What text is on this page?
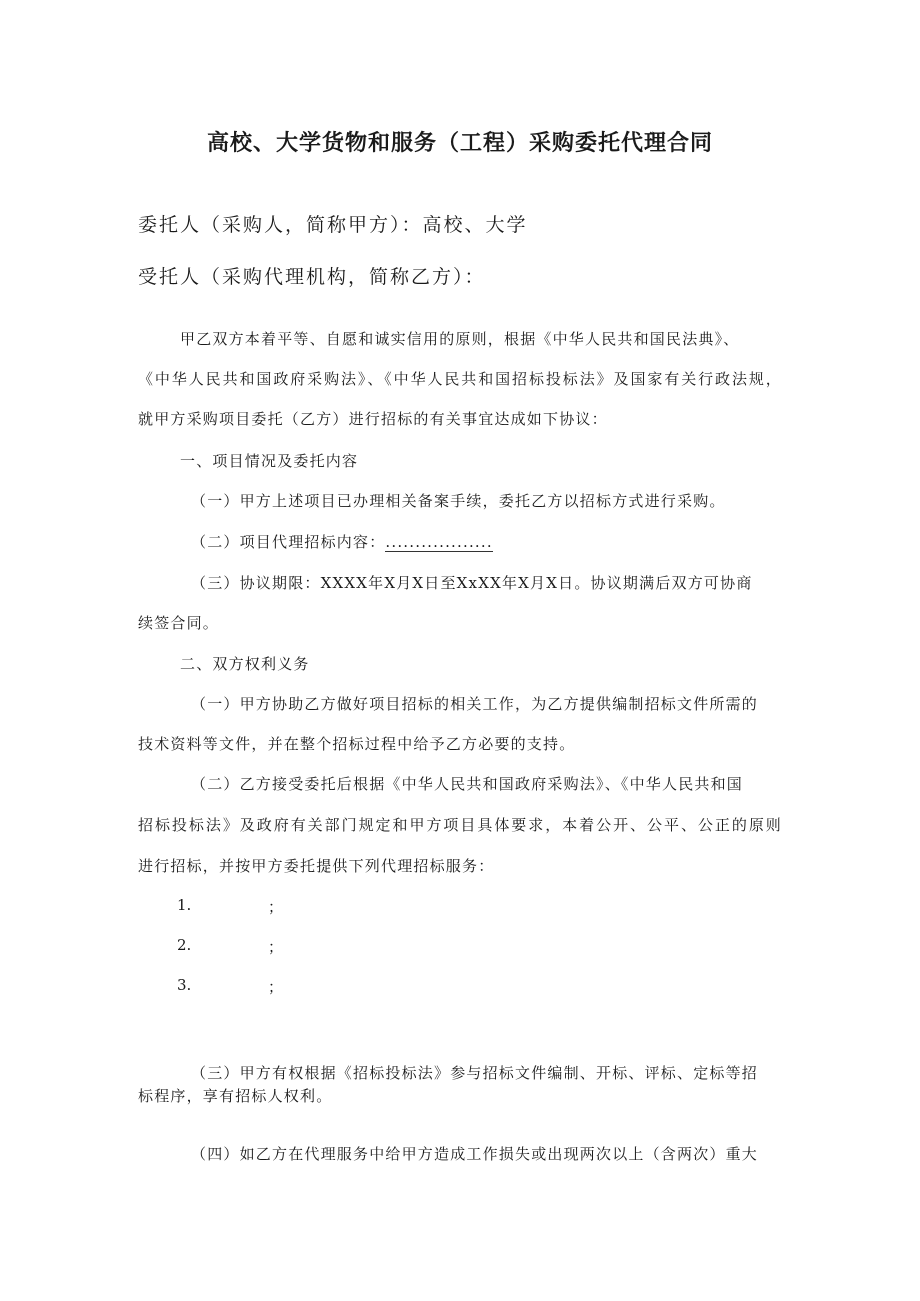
高校、大学货物和服务（工程）采购委托代理合同
委托人（采购人，简称甲方）：高校、大学
受托人（采购代理机构，简称乙方）：
甲乙双方本着平等、自愿和诚实信用的原则，根据《中华人民共和国民法典》、
《中华人民共和国政府采购法》、《中华人民共和国招标投标法》及国家有关行政法规，
就甲方采购项目委托（乙方）进行招标的有关事宜达成如下协议：
一、项目情况及委托内容
（一）甲方上述项目已办理相关备案手续，委托乙方以招标方式进行采购。
（二）项目代理招标内容：..................
（三）协议期限：XXXX年X月X日至XxXX年X月X日。协议期满后双方可协商
续签合同。
二、双方权利义务
（一）甲方协助乙方做好项目招标的相关工作，为乙方提供编制招标文件所需的
技术资料等文件，并在整个招标过程中给予乙方必要的支持。
（二）乙方接受委托后根据《中华人民共和国政府采购法》、《中华人民共和国
招标投标法》及政府有关部门规定和甲方项目具体要求，本着公开、公平、公正的原则
进行招标，并按甲方委托提供下列代理招标服务：
1.	；
2.	；
3.	；
（三）甲方有权根据《招标投标法》参与招标文件编制、开标、评标、定标等招
标程序，享有招标人权利。
（四）如乙方在代理服务中给甲方造成工作损失或出现两次以上（含两次）重大
